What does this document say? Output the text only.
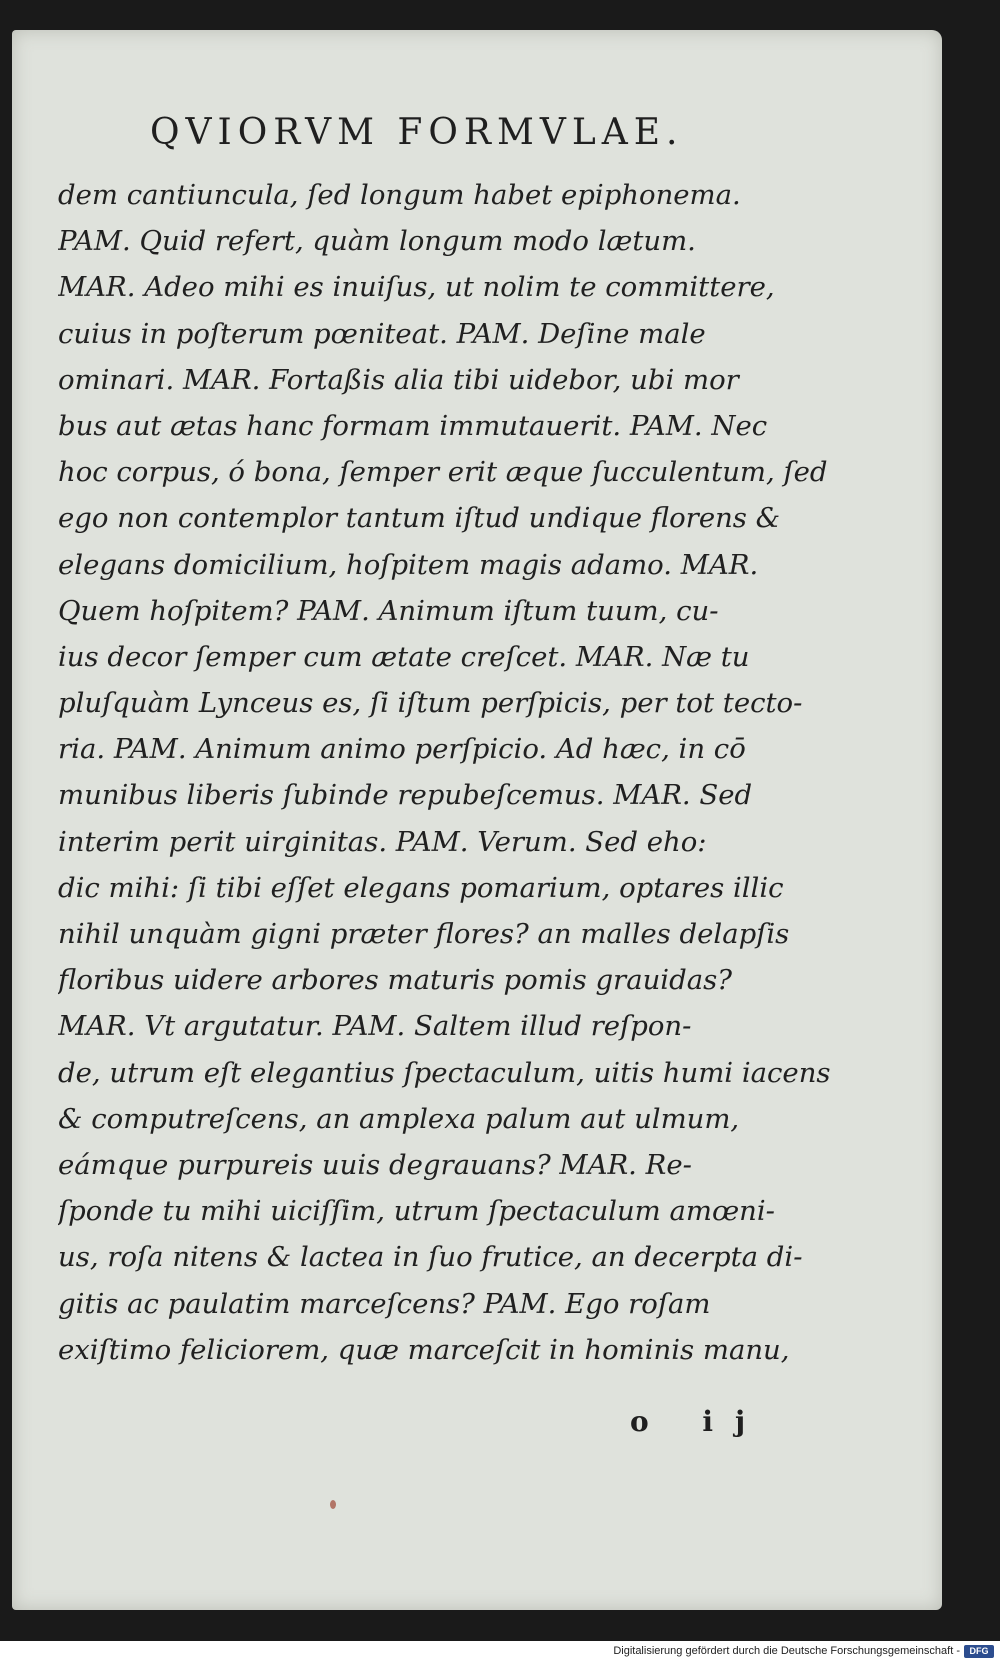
QVIORVM FORMVLAE.
dem cantiuncula, ſed longum habet epiphonema.
PAM. Quid refert, quàm longum modo lætum.
MAR. Adeo mihi es inuiſus, ut nolim te committere,
cuius in poſterum pœniteat. PAM. Deſine male
ominari. MAR. Fortaßis alia tibi uidebor, ubi mor
bus aut ætas hanc formam immutauerit. PAM. Nec
hoc corpus, ó bona, ſemper erit æque ſucculentum, ſed
ego non contemplor tantum iſtud undique florens &
elegans domicilium, hoſpitem magis adamo. MAR.
Quem hoſpitem? PAM. Animum iſtum tuum, cu-
ius decor ſemper cum ætate creſcet. MAR. Næ tu
pluſquàm Lynceus es, ſi iſtum perſpicis, per tot tecto-
ria. PAM. Animum animo perſpicio. Ad hæc, in cō
munibus liberis ſubinde repubeſcemus. MAR. Sed
interim perit uirginitas. PAM. Verum. Sed eho:
dic mihi: ſi tibi eſſet elegans pomarium, optares illic
nihil unquàm gigni præter flores? an malles delapſis
floribus uidere arbores maturis pomis grauidas?
MAR. Vt argutatur. PAM. Saltem illud reſpon-
de, utrum eſt elegantius ſpectaculum, uitis humi iacens
& computreſcens, an amplexa palum aut ulmum,
eámque purpureis uuis degrauans? MAR. Re-
ſponde tu mihi uiciſſim, utrum ſpectaculum amœni-
us, roſa nitens & lactea in ſuo frutice, an decerpta di-
gitis ac paulatim marceſcens? PAM. Ego roſam
exiſtimo feliciorem, quæ marceſcit in hominis manu,
o ij
Digitalisierung gefördert durch die Deutsche Forschungsgemeinschaft -	DFG
